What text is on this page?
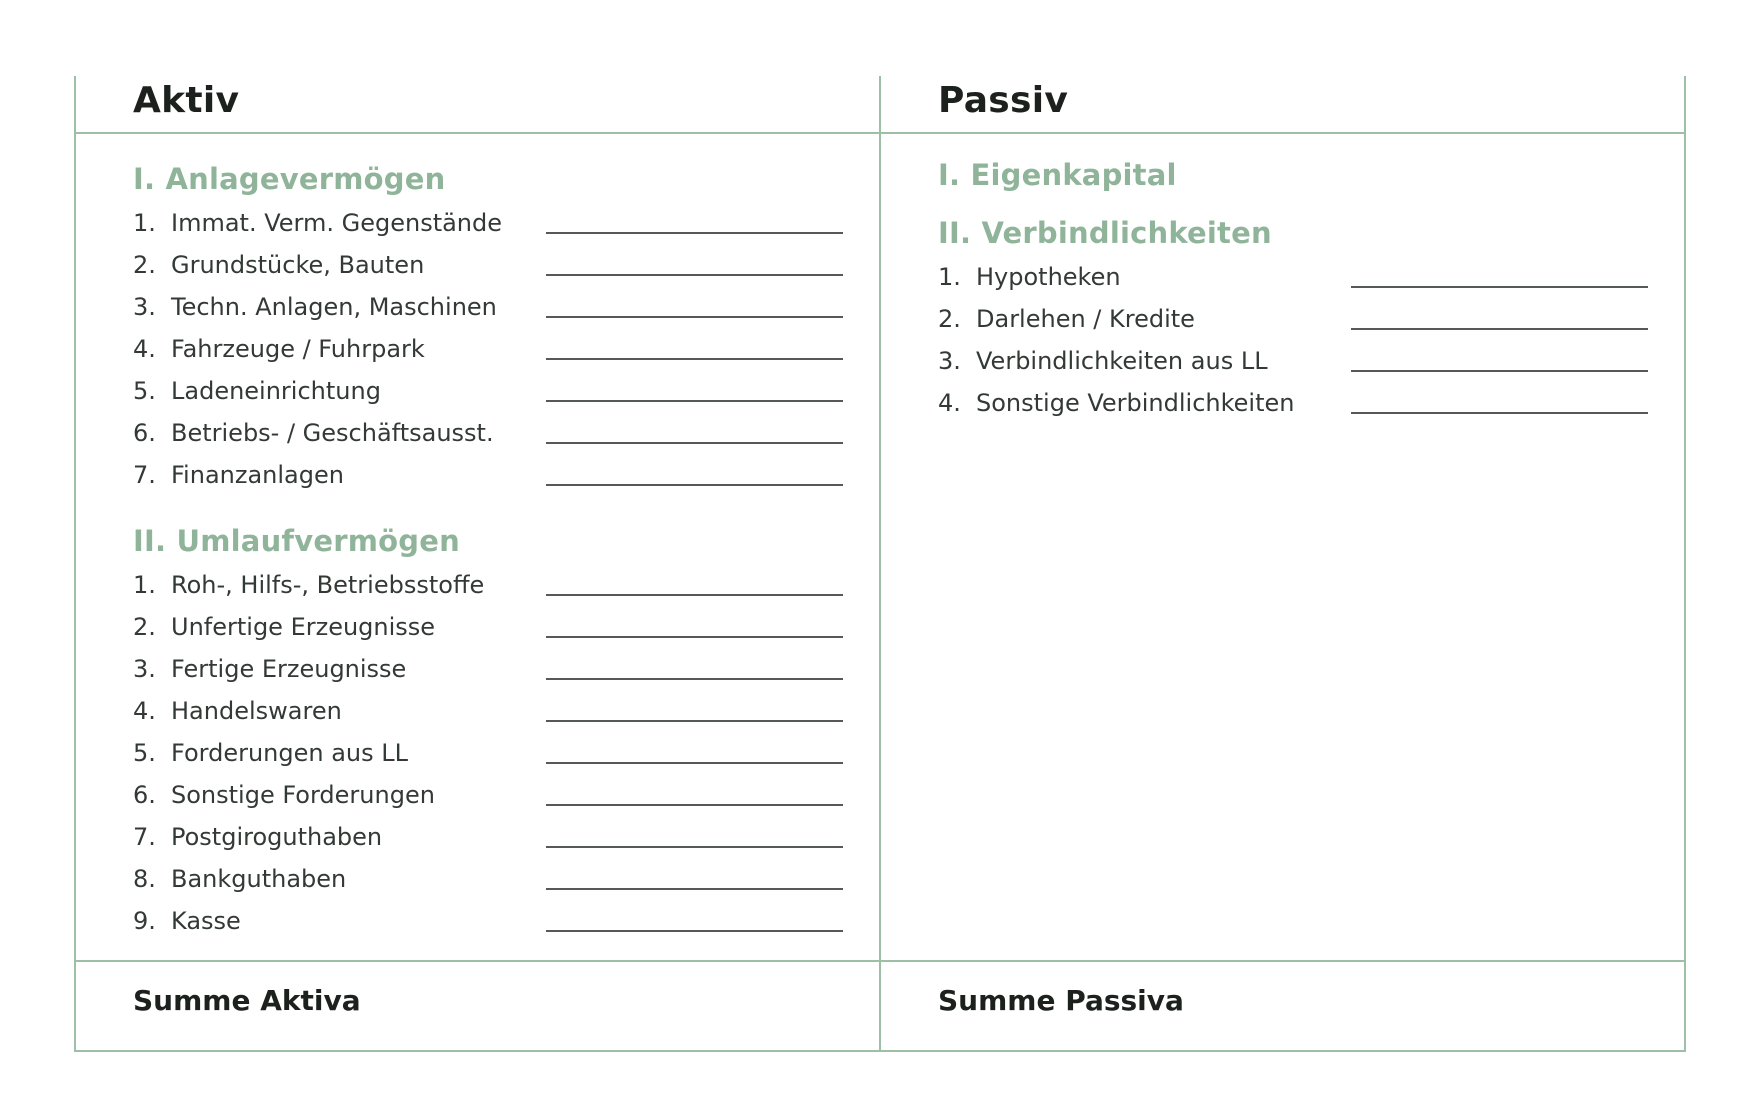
Aktiv
I. Anlagevermögen
1. Immat. Verm. Gegenstände
2. Grundstücke, Bauten
3. Techn. Anlagen, Maschinen
4. Fahrzeuge / Fuhrpark
5. Ladeneinrichtung
6. Betriebs- / Geschäftsausst.
7. Finanzanlagen
II. Umlaufvermögen
1. Roh-, Hilfs-, Betriebsstoffe
2. Unfertige Erzeugnisse
3. Fertige Erzeugnisse
4. Handelswaren
5. Forderungen aus LL
6. Sonstige Forderungen
7. Postgiroguthaben
8. Bankguthaben
9. Kasse
Summe Aktiva
Passiv
I. Eigenkapital
II. Verbindlichkeiten
1. Hypotheken
2. Darlehen / Kredite
3. Verbindlichkeiten aus LL
4. Sonstige Verbindlichkeiten
Summe Passiva
